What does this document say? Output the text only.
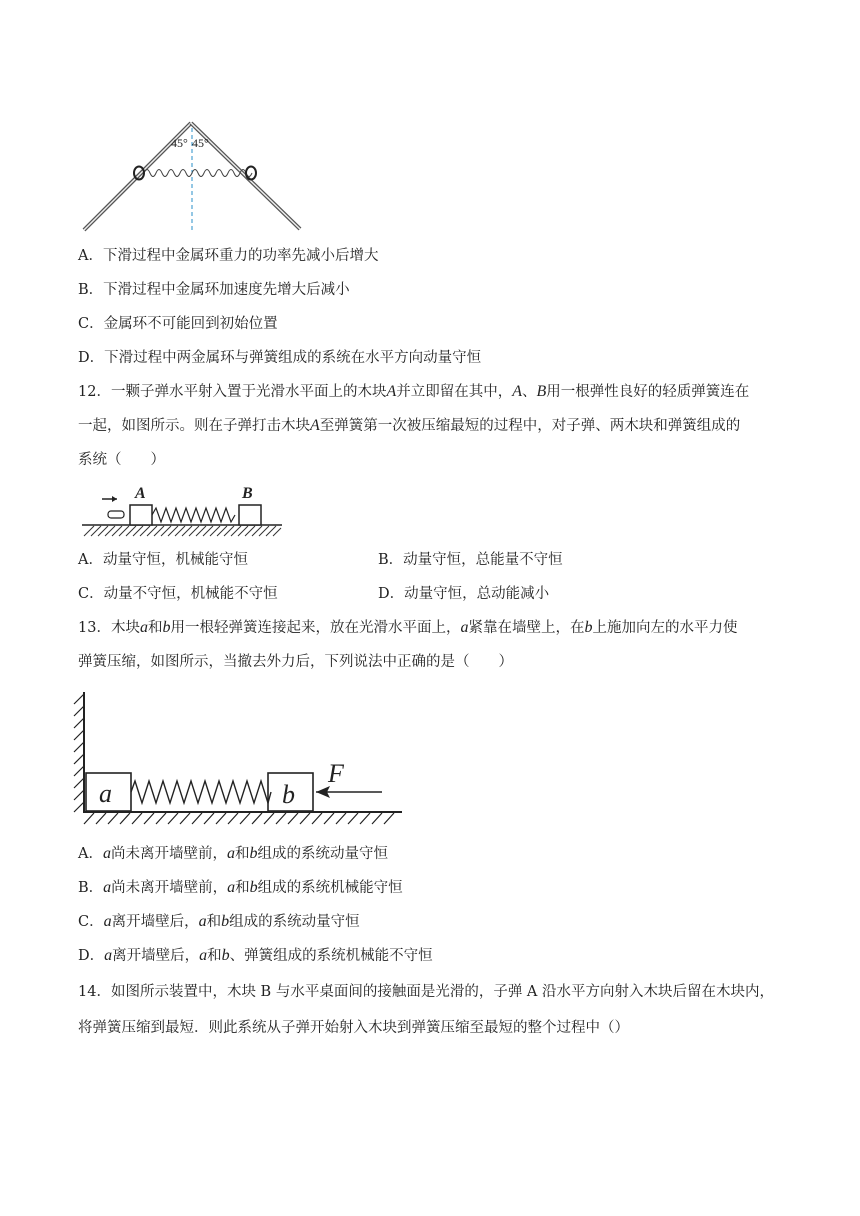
45° 45°
A．下滑过程中金属环重力的功率先减小后增大
B．下滑过程中金属环加速度先增大后减小
C．金属环不可能回到初始位置
D．下滑过程中两金属环与弹簧组成的系统在水平方向动量守恒
12．一颗子弹水平射入置于光滑水平面上的木块A并立即留在其中，A、B用一根弹性良好的轻质弹簧连在
一起，如图所示。则在子弹打击木块A至弹簧第一次被压缩最短的过程中，对子弹、两木块和弹簧组成的
系统（　　）
A	B
A．动量守恒，机械能守恒	B．动量守恒，总能量不守恒
C．动量不守恒，机械能不守恒	D．动量守恒，总动能减小
13．木块a和b用一根轻弹簧连接起来，放在光滑水平面上，a紧靠在墙壁上，在b上施加向左的水平力使
弹簧压缩，如图所示，当撤去外力后，下列说法中正确的是（　　）
a	b
F
A．a尚未离开墙壁前，a和b组成的系统动量守恒
B．a尚未离开墙壁前，a和b组成的系统机械能守恒
C．a离开墙壁后，a和b组成的系统动量守恒
D．a离开墙壁后，a和b、弹簧组成的系统机械能不守恒
14．如图所示装置中，木块 B 与水平桌面间的接触面是光滑的，子弹 A 沿水平方向射入木块后留在木块内，
将弹簧压缩到最短．则此系统从子弹开始射入木块到弹簧压缩至最短的整个过程中（）
